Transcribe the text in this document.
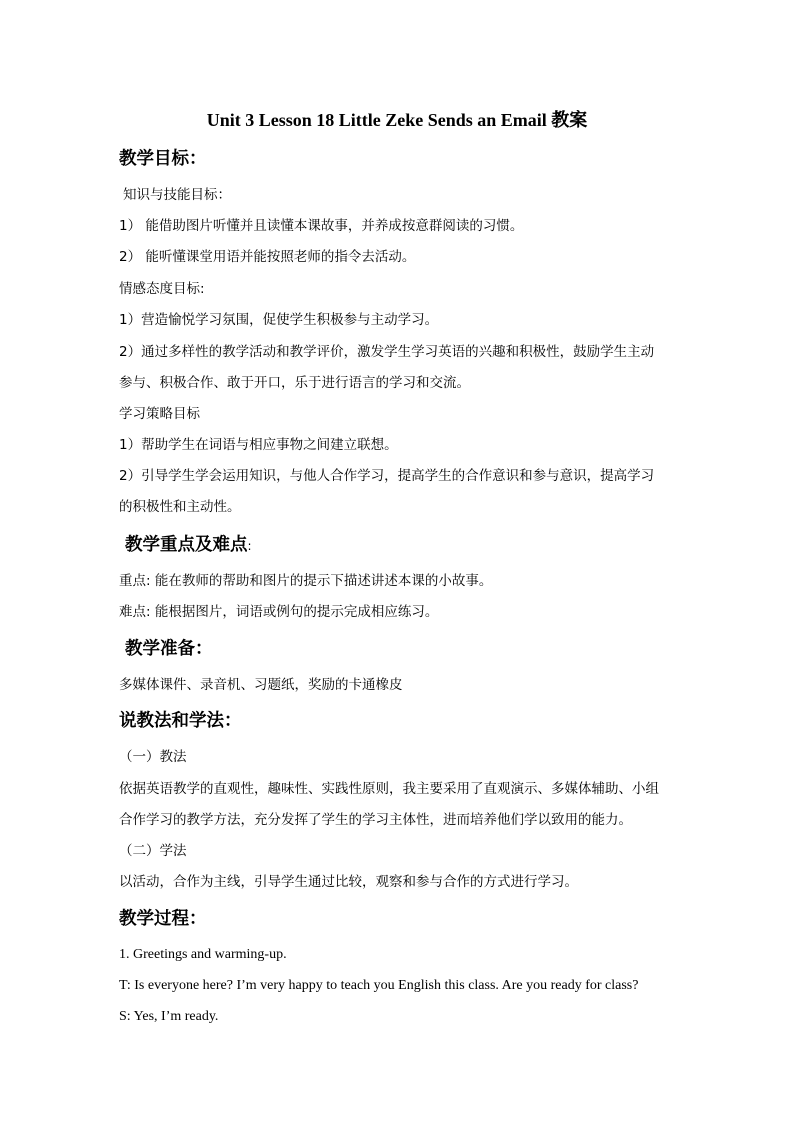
Unit 3 Lesson 18 Little Zeke Sends an Email 教案
教学目标：
知识与技能目标：
1） 能借助图片听懂并且读懂本课故事，并养成按意群阅读的习惯。
2） 能听懂课堂用语并能按照老师的指令去活动。
情感态度目标:
1）营造愉悦学习氛围，促使学生积极参与主动学习。
2）通过多样性的教学活动和教学评价，激发学生学习英语的兴趣和积极性，鼓励学生主动
参与、积极合作、敢于开口，乐于进行语言的学习和交流。
学习策略目标
1）帮助学生在词语与相应事物之间建立联想。
2）引导学生学会运用知识，与他人合作学习，提高学生的合作意识和参与意识，提高学习
的积极性和主动性。
教学重点及难点:
重点: 能在教师的帮助和图片的提示下描述讲述本课的小故事。
难点: 能根据图片，词语或例句的提示完成相应练习。
教学准备：
多媒体课件、录音机、习题纸，奖励的卡通橡皮
说教法和学法：
（一）教法
依据英语教学的直观性，趣味性、实践性原则，我主要采用了直观演示、多媒体辅助、小组
合作学习的教学方法，充分发挥了学生的学习主体性，进而培养他们学以致用的能力。
（二）学法
以活动，合作为主线，引导学生通过比较，观察和参与合作的方式进行学习。
教学过程：
1. Greetings and warming-up.
T: Is everyone here? I’m very happy to teach you English this class. Are you ready for class?
S: Yes, I’m ready.
